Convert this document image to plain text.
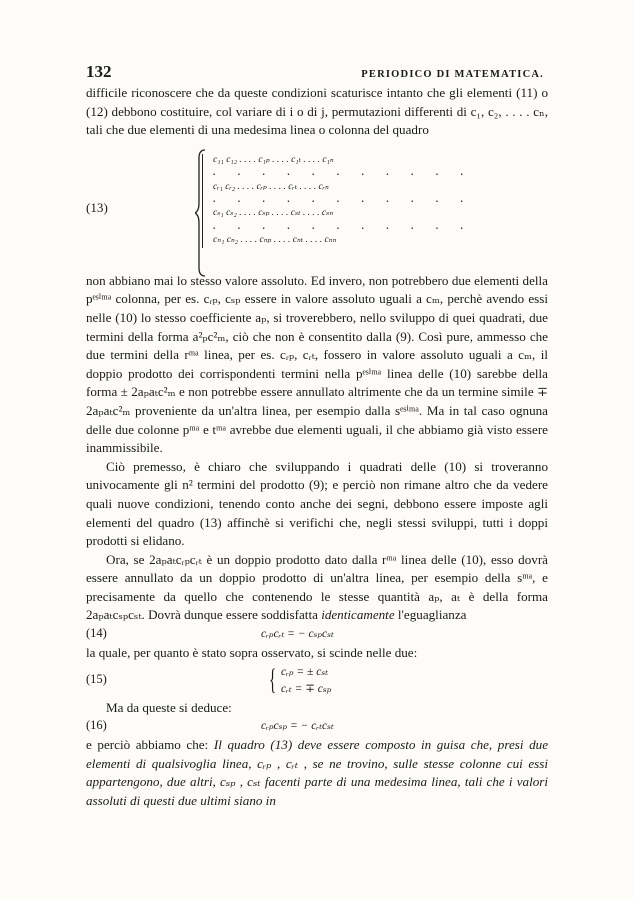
132	PERIODICO DI MATEMATICA.

difficile riconoscere che da queste condizioni scaturisce intanto che gli elementi (11) o (12) debbono costituire, col variare di i o di j, permutazioni differenti di c₁, c₂, . . . . cₙ, tali che due elementi di una medesima linea o colonna del quadro

(13)
c₁₁ c₁₂ . . . . c₁ₚ . . . . c₁ₜ . . . . c₁ₙ
. . . . . . . . . . .
cᵣ₁ cᵣ₂ . . . . cᵣₚ . . . . cᵣₜ . . . . cᵣₙ
. . . . . . . . . . .
cₛ₁ cₛ₂ . . . . cₛₚ . . . . cₛₜ . . . . cₛₙ
. . . . . . . . . . .
cₙ₁ cₙ₂ . . . . cₙₚ . . . . cₙₜ . . . . cₙₙ

non abbiano mai lo stesso valore assoluto. Ed invero, non potrebbero due elementi della pᵉˢⁱᵐᵃ colonna, per es. cᵣₚ, cₛₚ essere in valore assoluto uguali a cₘ, perchè avendo essi nelle (10) lo stesso coefficiente aₚ, si troverebbero, nello sviluppo di quei quadrati, due termini della forma a²ₚc²ₘ, ciò che non è consentito dalla (9). Così pure, ammesso che due termini della rᵐᵃ linea, per es. cᵣₚ, cᵣₜ, fossero in valore assoluto uguali a cₘ, il doppio prodotto dei corrispondenti termini nella pᵉˢⁱᵐᵃ linea delle (10) sarebbe della forma ± 2aₚaₜc²ₘ e non potrebbe essere annullato altrimente che da un termine simile ∓ 2aₚaₜc²ₘ proveniente da un'altra linea, per esempio dalla sᵉˢⁱᵐᵃ. Ma in tal caso ognuna delle due colonne pᵐᵃ e tᵐᵃ avrebbe due elementi uguali, il che abbiamo già visto essere inammissibile.

Ciò premesso, è chiaro che sviluppando i quadrati delle (10) si troveranno univocamente gli n² termini del prodotto (9); e perciò non rimane altro che da vedere quali nuove condizioni, tenendo conto anche dei segni, debbono essere imposte agli elementi del quadro (13) affinchè si verifichi che, negli stessi sviluppi, tutti i doppi prodotti si elidano.

Ora, se 2aₚaₜcᵣₚcᵣₜ è un doppio prodotto dato dalla rᵐᵃ linea delle (10), esso dovrà essere annullato da un doppio prodotto di un'altra linea, per esempio della sᵐᵃ, e precisamente da quello che contenendo le stesse quantità aₚ, aₜ è della forma 2aₚaₜcₛₚcₛₜ. Dovrà dunque essere soddisfatta identicamente l'eguaglianza

(14)	cᵣₚcᵣₜ = − cₛₚcₛₜ

la quale, per quanto è stato sopra osservato, si scinde nelle due:

(15)	{ cᵣₚ = ± cₛₜ
cᵣₜ = ∓ cₛₚ

Ma da queste si deduce:

(16)	cᵣₚcₛₚ = − cᵣₜcₛₜ

e perciò abbiamo che: Il quadro (13) deve essere composto in guisa che, presi due elementi di qualsivoglia linea, cᵣₚ , cᵣₜ , se ne trovino, sulle stesse colonne cui essi appartengono, due altri, cₛₚ , cₛₜ facenti parte di una medesima linea, tali che i valori assoluti di questi due ultimi siano in
